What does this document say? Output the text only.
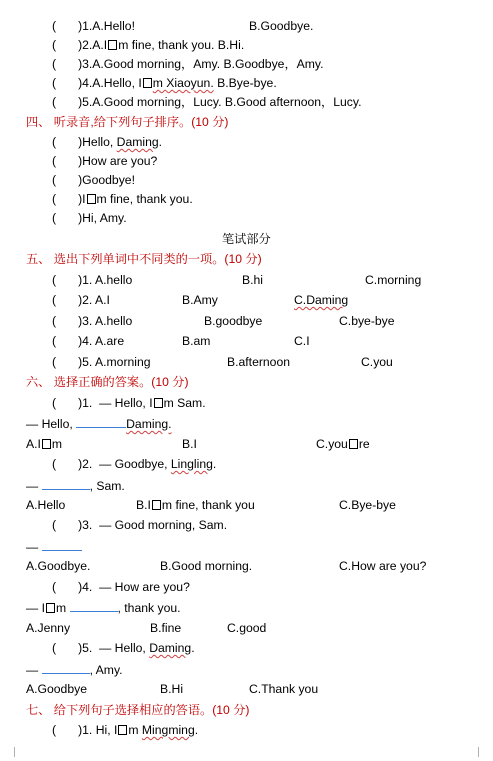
( )1.A.Hello!	B.Goodbye.
( )2.A.I m fine, thank you. B.Hi.
( )3.A.Good morning，Amy. B.Goodbye，Amy.
( )4.A.Hello, I m Xiaoyun. B.Bye-bye.
( )5.A.Good morning，Lucy. B.Good afternoon，Lucy.
四、 听录音,给下列句子排序。(10 分)
( )Hello, Daming.
( )How are you?
( )Goodbye!
( )I m fine, thank you.
( )Hi, Amy.
笔试部分
五、 选出下列单词中不同类的一项。(10 分)
( )1. A.hello	B.hi	C.morning
( )2. A.I	B.Amy	C.Daming
( )3. A.hello	B.goodbye	C.bye-bye
( )4. A.are	B.am	C.I
( )5. A.morning	B.afternoon	C.you
六、 选择正确的答案。(10 分)
( )1. — Hello, I m Sam.
— Hello,	Daming.
A.I m	B.I	C.you re
( )2. — Goodbye, Lingling.
—	, Sam.
A.Hello	B.I m fine, thank you	C.Bye-bye
( )3. — Good morning, Sam.
—
A.Goodbye.	B.Good morning.	C.How are you?
( )4. — How are you?
— I m	, thank you.
A.Jenny	B.fine	C.good
( )5. — Hello, Daming.
—	, Amy.
A.Goodbye	B.Hi	C.Thank you
七、 给下列句子选择相应的答语。(10 分)
( )1. Hi, I m Mingming.
